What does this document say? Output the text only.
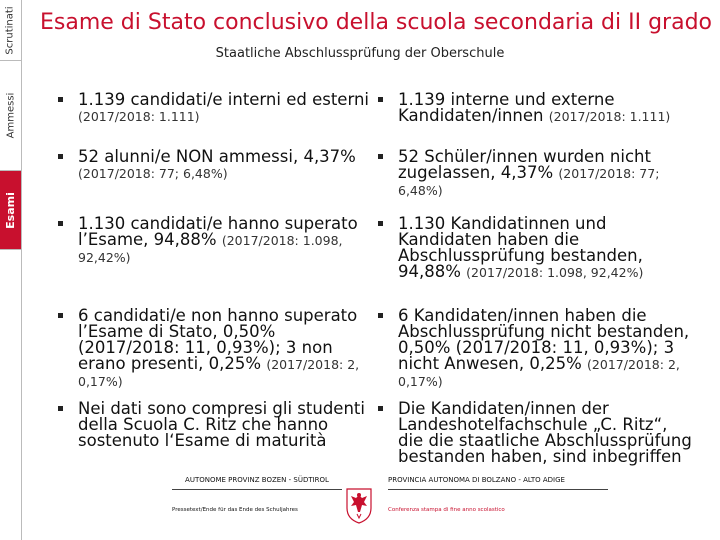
Scrutinati
Ammessi
Esami
Esame di Stato conclusivo della scuola secondaria di II grado
Staatliche Abschlussprüfung der Oberschule
1.139 candidati/e interni ed esterni (2017/2018: 1.111)
52 alunni/e NON ammessi, 4,37% (2017/2018: 77; 6,48%)
1.130 candidati/e hanno superato l’Esame, 94,88% (2017/2018: 1.098, 92,42%)
6 candidati/e non hanno superato l’Esame di Stato, 0,50% (2017/2018: 11, 0,93%); 3 non erano presenti, 0,25% (2017/2018: 2, 0,17%)
Nei dati sono compresi gli studenti della Scuola C. Ritz che hanno sostenuto l‘Esame di maturità
1.139 interne und externe Kandidaten/innen (2017/2018: 1.111)
52 Schüler/innen wurden nicht zugelassen, 4,37% (2017/2018: 77; 6,48%)
1.130 Kandidatinnen und Kandidaten haben die Abschlussprüfung bestanden, 94,88% (2017/2018: 1.098, 92,42%)
6 Kandidaten/innen haben die Abschlussprüfung nicht bestanden, 0,50% (2017/2018: 11, 0,93%); 3 nicht Anwesen, 0,25% (2017/2018: 2, 0,17%)
Die Kandidaten/innen der Landeshotelfachschule „C. Ritz“, die die staatliche Abschlussprüfung bestanden haben, sind inbegriffen
AUTONOME PROVINZ BOZEN - SÜDTIROL
Pressetext/Ende für das Ende des Schuljahres
PROVINCIA AUTONOMA DI BOLZANO - ALTO ADIGE
Conferenza stampa di fine anno scolastico
